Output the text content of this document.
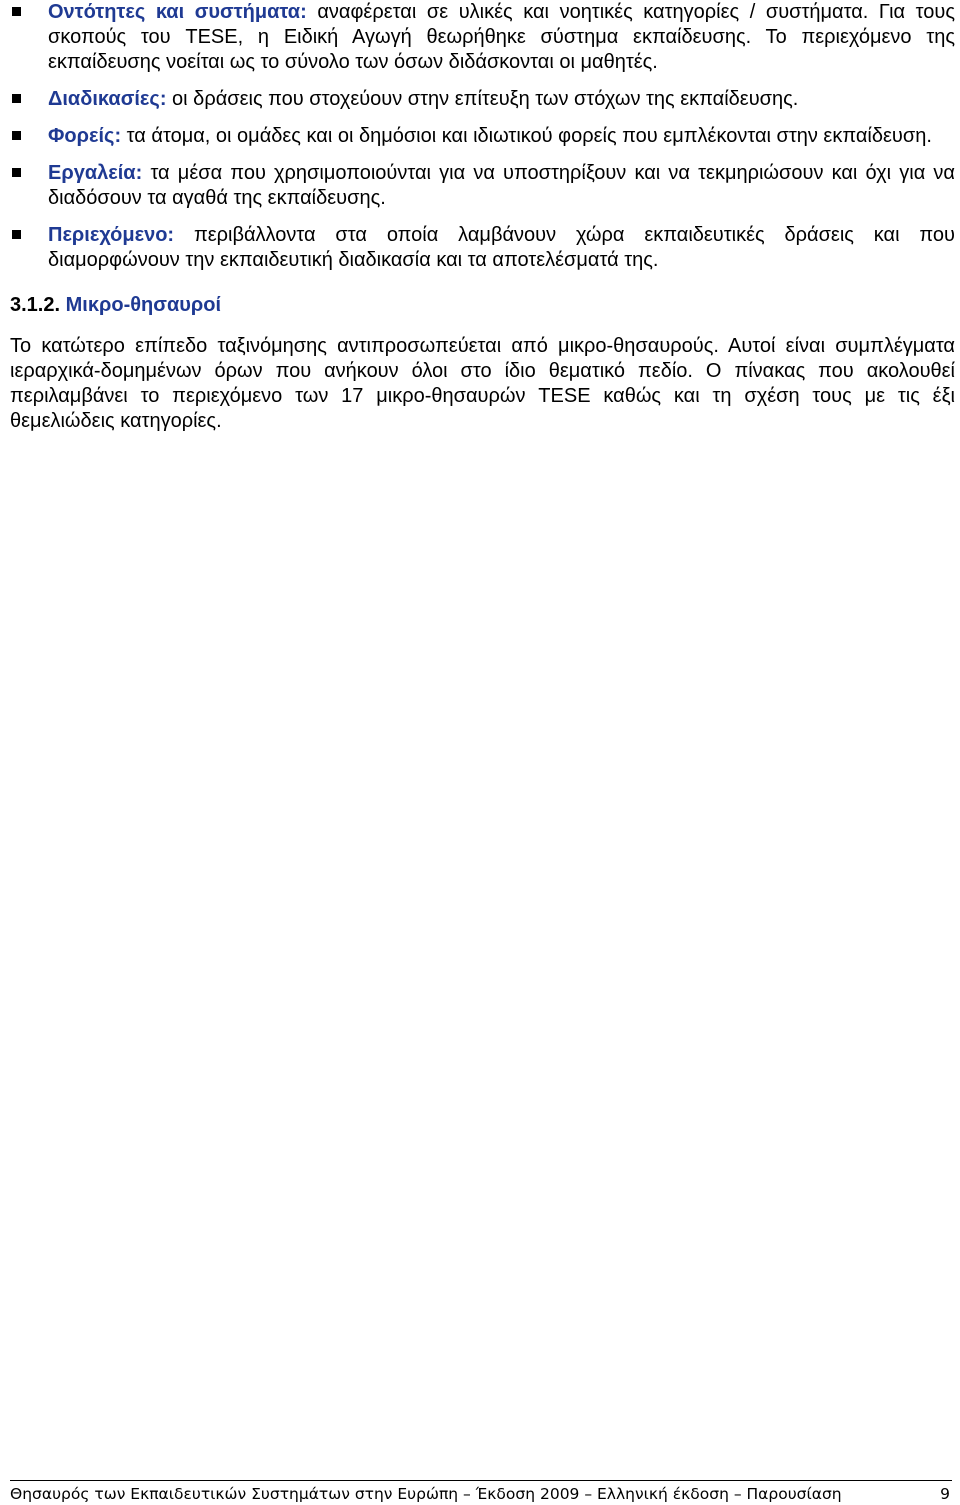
Οντότητες και συστήματα: αναφέρεται σε υλικές και νοητικές κατηγορίες / συστήματα. Για τους σκοπούς του TESE, η Ειδική Αγωγή θεωρήθηκε σύστημα εκπαίδευσης. Το περιεχόμενο της εκπαίδευσης νοείται ως το σύνολο των όσων διδάσκονται οι μαθητές.
Διαδικασίες: οι δράσεις που στοχεύουν στην επίτευξη των στόχων της εκπαίδευσης.
Φορείς: τα άτομα, οι ομάδες και οι δημόσιοι και ιδιωτικού φορείς που εμπλέκονται στην εκπαίδευση.
Εργαλεία: τα μέσα που χρησιμοποιούνται για να υποστηρίξουν και να τεκμηριώσουν και όχι για να διαδόσουν τα αγαθά της εκπαίδευσης.
Περιεχόμενο: περιβάλλοντα στα οποία λαμβάνουν χώρα εκπαιδευτικές δράσεις και που διαμορφώνουν την εκπαιδευτική διαδικασία και τα αποτελέσματά της.
3.1.2. Μικρο-θησαυροί

Το κατώτερο επίπεδο ταξινόμησης αντιπροσωπεύεται από μικρο-θησαυρούς. Αυτοί είναι συμπλέγματα ιεραρχικά-δομημένων όρων που ανήκουν όλοι στο ίδιο θεματικό πεδίο. Ο πίνακας που ακολουθεί περιλαμβάνει το περιεχόμενο των 17 μικρο-θησαυρών TESE καθώς και τη σχέση τους με τις έξι θεμελιώδεις κατηγορίες.

Θησαυρός των Εκπαιδευτικών Συστημάτων στην Ευρώπη – Έκδοση 2009 – Ελληνική έκδοση – Παρουσίαση	9
